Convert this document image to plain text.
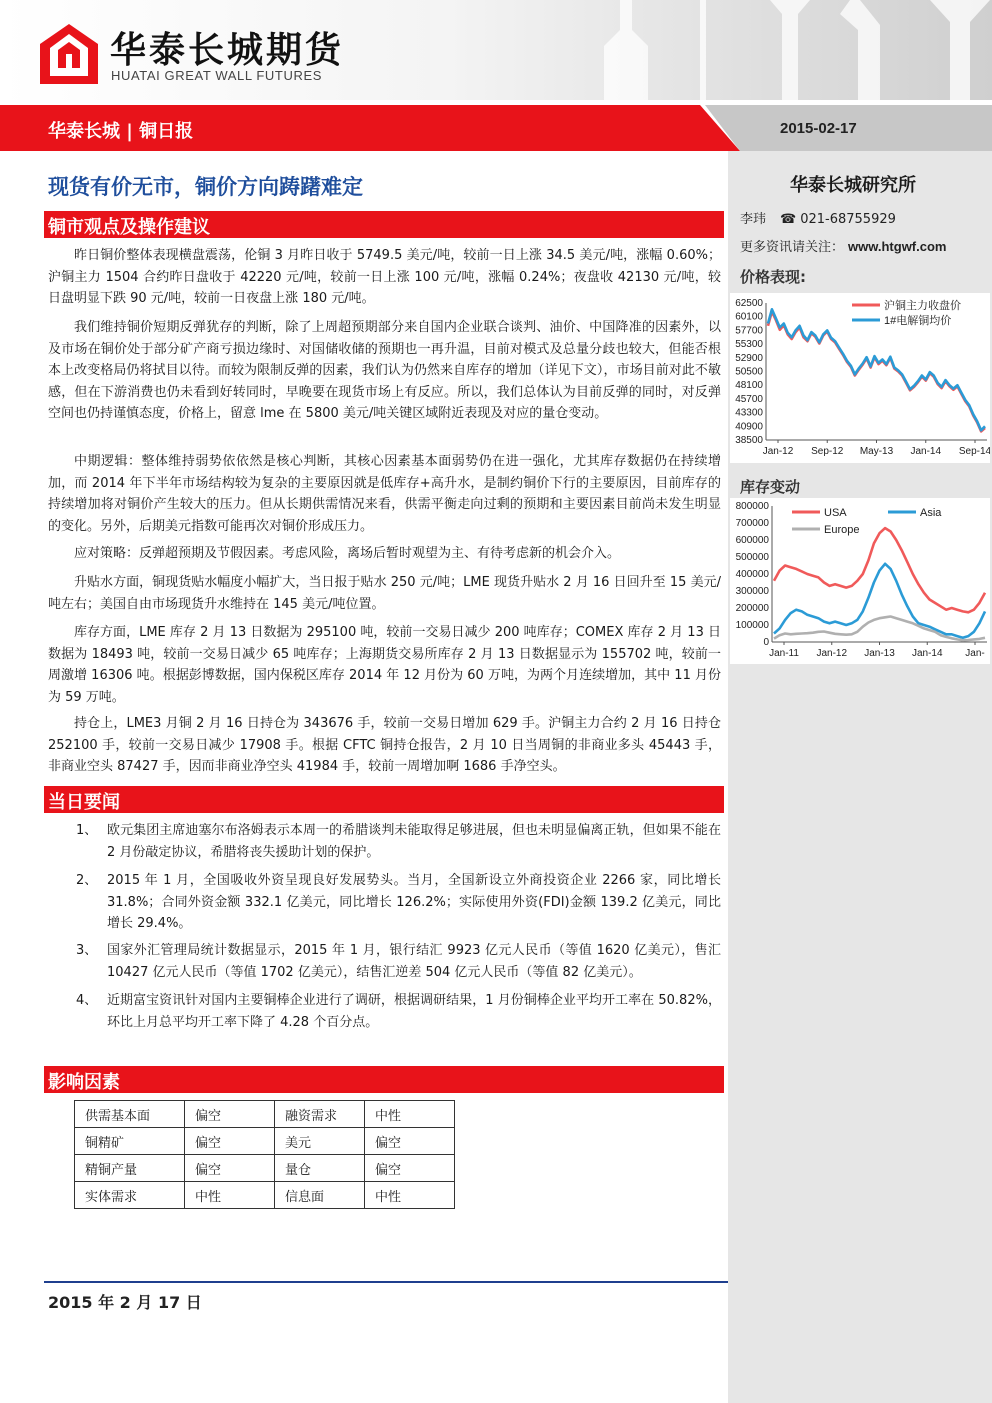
华泰长城期货
HUATAI GREAT WALL FUTURES
华泰长城 | 铜日报	2015-02-17
华泰长城研究所
李玮 ☎ 021-68755929
更多资讯请关注： www.htgwf.com
价格表现:
62500
60100
57700
55300
52900
50500
48100
45700
43300
40900
38500
Jan-12 Sep-12 May-13 Jan-14 Sep-14
沪铜主力收盘价
1#电解铜均价
库存变动
800000
700000
600000
500000
400000
300000
200000
100000
0
Jan-11 Jan-12 Jan-13 Jan-14 Jan-
USA	Asia
Europe
现货有价无市，铜价方向踌躇难定
铜市观点及操作建议
昨日铜价整体表现横盘震荡，伦铜 3 月昨日收于 5749.5 美元/吨，较前一日上涨 34.5 美元/吨，涨幅 0.60%；沪铜主力 1504 合约昨日盘收于 42220 元/吨，较前一日上涨 100 元/吨，涨幅 0.24%；夜盘收 42130 元/吨，较日盘明显下跌 90 元/吨，较前一日夜盘上涨 180 元/吨。
我们维持铜价短期反弹犹存的判断，除了上周超预期部分来自国内企业联合谈判、油价、中国降准的因素外，以及市场在铜价处于部分矿产商亏损边缘时、对国储收储的预期也一再升温，目前对模式及总量分歧也较大，但能否根本上改变格局仍将拭目以待。而较为限制反弹的因素，我们认为仍然来自库存的增加（详见下文），市场目前对此不敏感，但在下游消费也仍未看到好转同时，早晚要在现货市场上有反应。所以，我们总体认为目前反弹的同时，对反弹空间也仍持谨慎态度，价格上，留意 lme 在 5800 美元/吨关键区域附近表现及对应的量仓变动。
中期逻辑：整体维持弱势依依然是核心判断，其核心因素基本面弱势仍在进一强化，尤其库存数据仍在持续增加，而 2014 年下半年市场结构较为复杂的主要原因就是低库存+高升水，是制约铜价下行的主要原因，目前库存的持续增加将对铜价产生较大的压力。但从长期供需情况来看，供需平衡走向过剩的预期和主要因素目前尚未发生明显的变化。另外，后期美元指数可能再次对铜价形成压力。
应对策略：反弹超预期及节假因素。考虑风险，离场后暂时观望为主、有待考虑新的机会介入。
升贴水方面，铜现货贴水幅度小幅扩大，当日报于贴水 250 元/吨；LME 现货升贴水 2 月 16 日回升至 15 美元/吨左右；美国自由市场现货升水维持在 145 美元/吨位置。
库存方面，LME 库存 2 月 13 日数据为 295100 吨，较前一交易日减少 200 吨库存；COMEX 库存 2 月 13 日数据为 18493 吨，较前一交易日减少 65 吨库存；上海期货交易所库存 2 月 13 日数据显示为 155702 吨，较前一周激增 16306 吨。根据彭博数据，国内保税区库存 2014 年 12 月份为 60 万吨，为两个月连续增加，其中 11 月份为 59 万吨。
持仓上，LME3 月铜 2 月 16 日持仓为 343676 手，较前一交易日增加 629 手。沪铜主力合约 2 月 16 日持仓 252100 手，较前一交易日减少 17908 手。根据 CFTC 铜持仓报告，2 月 10 日当周铜的非商业多头 45443 手，非商业空头 87427 手，因而非商业净空头 41984 手，较前一周增加啊 1686 手净空头。
当日要闻
1、 欧元集团主席迪塞尔布洛姆表示本周一的希腊谈判未能取得足够进展，但也未明显偏离正轨，但如果不能在 2 月份敲定协议，希腊将丧失援助计划的保护。
2、 2015 年 1 月，全国吸收外资呈现良好发展势头。当月，全国新设立外商投资企业 2266 家，同比增长 31.8%；合同外资金额 332.1 亿美元，同比增长 126.2%；实际使用外资(FDI)金额 139.2 亿美元，同比增长 29.4%。
3、 国家外汇管理局统计数据显示，2015 年 1 月，银行结汇 9923 亿元人民币（等值 1620 亿美元），售汇 10427 亿元人民币（等值 1702 亿美元），结售汇逆差 504 亿元人民币（等值 82 亿美元）。
4、 近期富宝资讯针对国内主要铜棒企业进行了调研，根据调研结果，1 月份铜棒企业平均开工率在 50.82%，环比上月总平均开工率下降了 4.28 个百分点。
影响因素
供需基本面	偏空	融资需求	中性
铜精矿	偏空	美元	偏空
精铜产量	偏空	量仓	偏空
实体需求	中性	信息面	中性
2015 年 2 月 17 日
